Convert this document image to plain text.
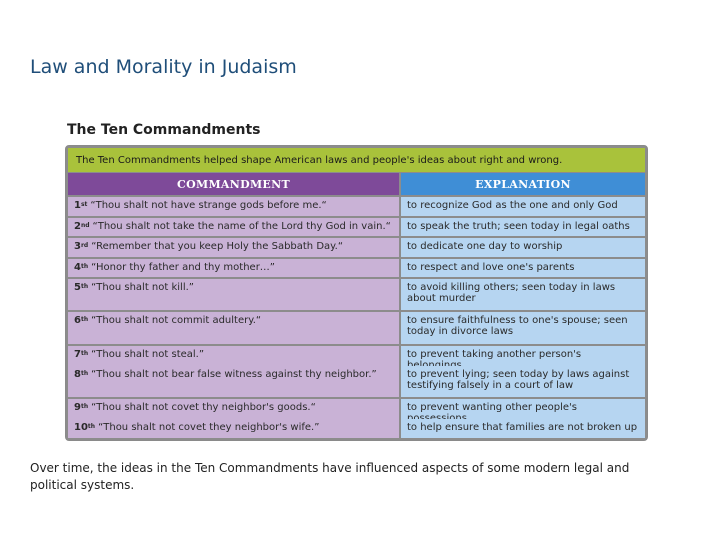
Law and Morality in Judaism
The Ten Commandments
The Ten Commandments helped shape American laws and people's ideas about right and wrong.
COMMANDMENT	EXPLANATION
1st “Thou shalt not have strange gods before me.“	to recognize God as the one and only God
2nd “Thou shalt not take the name of the Lord thy God in vain.“	to speak the truth; seen today in legal oaths
3rd “Remember that you keep Holy the Sabbath Day.“	to dedicate one day to worship
4th “Honor thy father and thy mother…”	to respect and love one's parents
5th “Thou shalt not kill.”	to avoid killing others; seen today in laws about murder
6th “Thou shalt not commit adultery.“	to ensure faithfulness to one's spouse; seen today in divorce laws
7th “Thou shalt not steal.”	to prevent taking another person's
8th “Thou shalt not bear false witness against thy neighbor.”	to prevent lying; seen today by laws against testifying falsely in a court of law
9th “Thou shalt not covet thy neighbor's goods.“	to prevent wanting other people's
10th “Thou shalt not covet they neighbor's wife.”	to help ensure that families are not broken up
Over time, the ideas in the Ten Commandments have influenced aspects of some modern legal and political systems.
